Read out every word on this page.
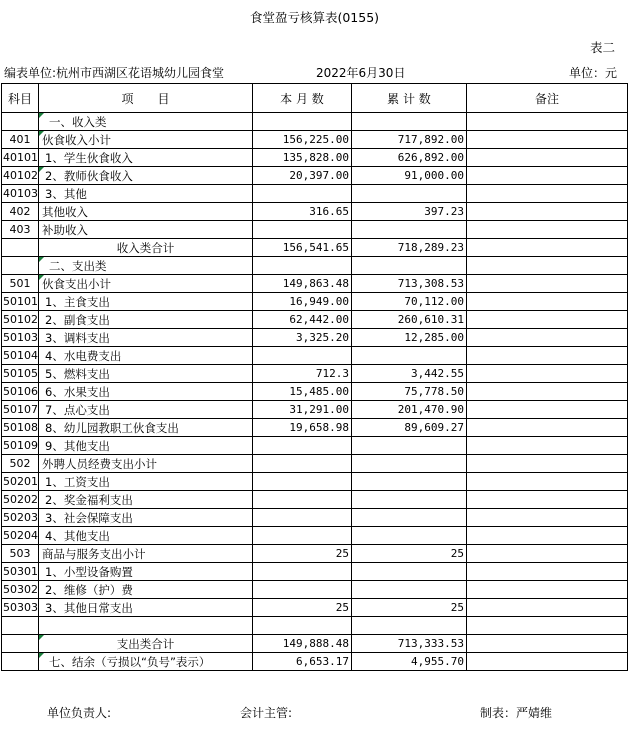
食堂盈亏核算表(0155)
表二
编表单位:杭州市西湖区花语城幼儿园食堂	2022年6月30日	单位：元
科目	项　　目	本 月 数	累 计 数	备注
	一、收入类			
401	伙食收入小计	156,225.00	717,892.00	
40101	1、学生伙食收入	135,828.00	626,892.00	
40102	2、教师伙食收入	20,397.00	91,000.00	
40103	3、其他			
402	其他收入	316.65	397.23	
403	补助收入			
	收入类合计	156,541.65	718,289.23	
	二、支出类			
501	伙食支出小计	149,863.48	713,308.53	
50101	1、主食支出	16,949.00	70,112.00	
50102	2、副食支出	62,442.00	260,610.31	
50103	3、调料支出	3,325.20	12,285.00	
50104	4、水电费支出			
50105	5、燃料支出	712.3	3,442.55	
50106	6、水果支出	15,485.00	75,778.50	
50107	7、点心支出	31,291.00	201,470.90	
50108	8、幼儿园教职工伙食支出	19,658.98	89,609.27	
50109	9、其他支出			
502	外聘人员经费支出小计			
50201	1、工资支出			
50202	2、奖金福利支出			
50203	3、社会保障支出			
50204	4、其他支出			
503	商品与服务支出小计	25	25	
50301	1、小型设备购置			
50302	2、维修（护）费			
50303	3、其他日常支出	25	25	

	支出类合计	149,888.48	713,333.53	
	七、结余（亏损以“负号”表示）	6,653.17	4,955.70	
单位负责人:	会计主管:	制表：严婧维
